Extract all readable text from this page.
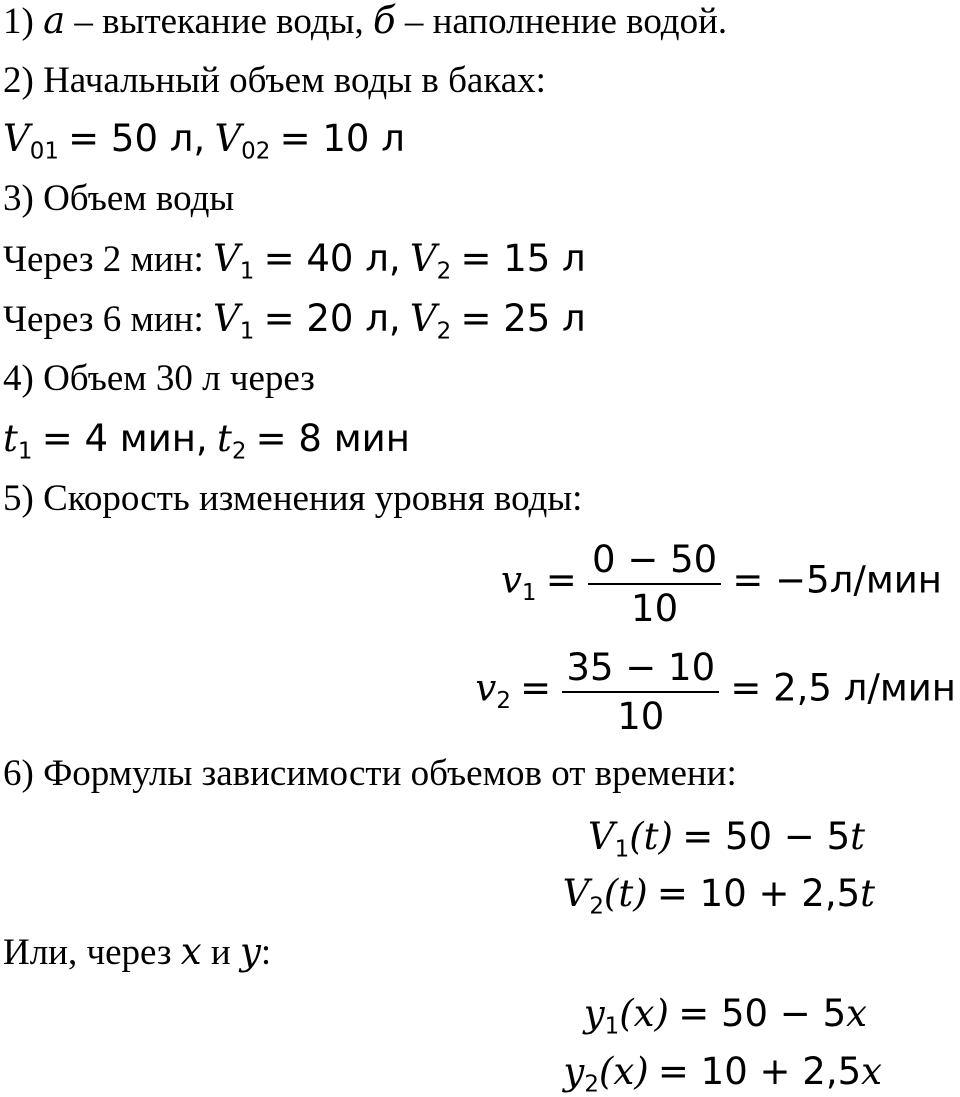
1) а – вытекание воды, б – наполнение водой.
2) Начальный объем воды в баках:
$V_{01} = 50$ л, $V_{02} = 10$ л
3) Объем воды
Через 2 мин: $V_1 = 40$ л, $V_2 = 15$ л
Через 6 мин: $V_1 = 20$ л, $V_2 = 25$ л
4) Объем 30 л через
$t_1 = 4$ мин, $t_2 = 8$ мин
5) Скорость изменения уровня воды:
$v_1 = \frac{0 - 50}{10} = -5л/мин$
$v_2 = \frac{35 - 10}{10} = 2,5$ л/мин
6) Формулы зависимости объемов от времени:
$V_1(t) = 50 - 5t$
$V_2(t) = 10 + 2,5t$
Или, через x и y:
$y_1(x) = 50 - 5x$
$y_2(x) = 10 + 2,5x$
